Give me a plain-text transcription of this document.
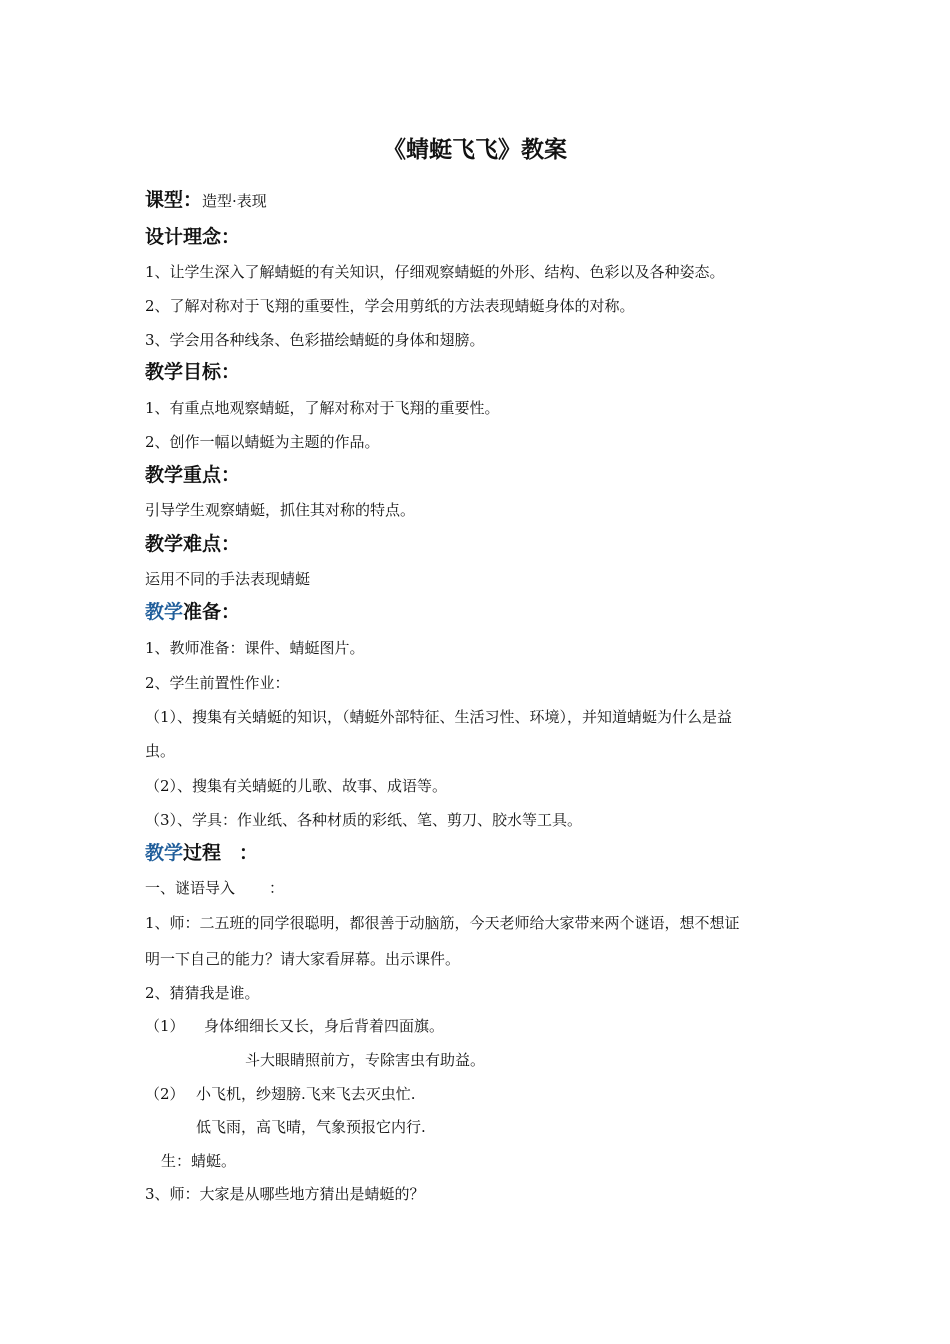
《蜻蜓飞飞》教案
课型：造型·表现
设计理念：
1、让学生深入了解蜻蜓的有关知识，仔细观察蜻蜓的外形、结构、色彩以及各种姿态。
2、了解对称对于飞翔的重要性，学会用剪纸的方法表现蜻蜓身体的对称。
3、学会用各种线条、色彩描绘蜻蜓的身体和翅膀。
教学目标：
1、有重点地观察蜻蜓，了解对称对于飞翔的重要性。
2、创作一幅以蜻蜓为主题的作品。
教学重点：
引导学生观察蜻蜓，抓住其对称的特点。
教学难点：
运用不同的手法表现蜻蜓
教学准备：
1、教师准备：课件、蜻蜓图片。
2、学生前置性作业：
（1）、搜集有关蜻蜓的知识，（蜻蜓外部特征、生活习性、环境），并知道蜻蜓为什么是益
虫。
（2）、搜集有关蜻蜓的儿歌、故事、成语等。
（3）、学具：作业纸、各种材质的彩纸、笔、剪刀、胶水等工具。
教学过程 ：
一、谜语导入 ：
1、师：二五班的同学很聪明，都很善于动脑筋，今天老师给大家带来两个谜语，想不想证
明一下自己的能力？请大家看屏幕。出示课件。
2、猜猜我是谁。
（1） 身体细细长又长，身后背着四面旗。
斗大眼睛照前方，专除害虫有助益。
（2） 小飞机，纱翅膀.飞来飞去灭虫忙.
低飞雨，高飞晴，气象预报它内行.
生：蜻蜓。
3、师：大家是从哪些地方猜出是蜻蜓的？
